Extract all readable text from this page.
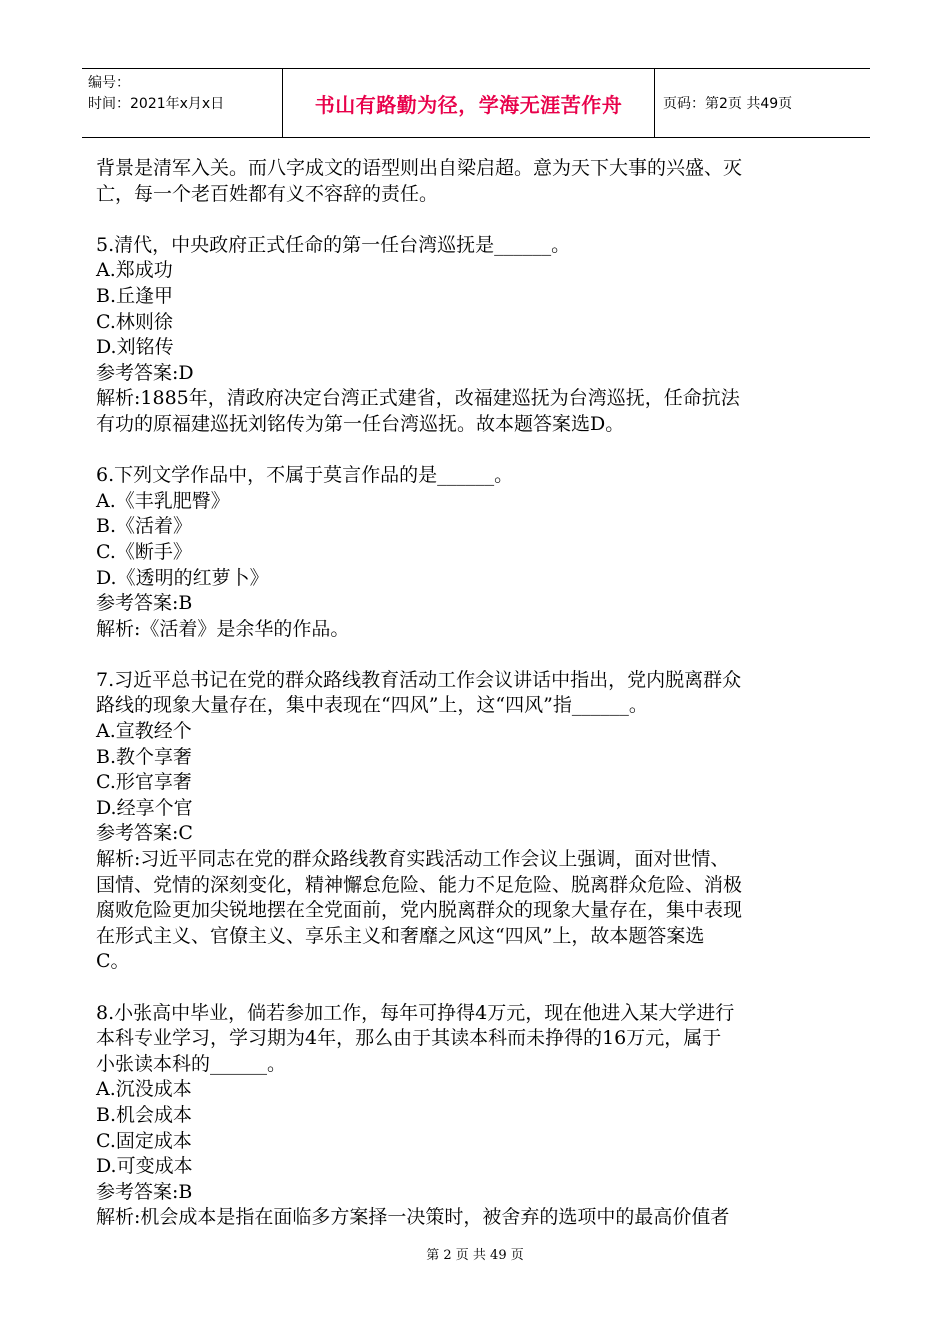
编号：
时间：2021年x月x日	书山有路勤为径，学海无涯苦作舟	页码：第2页 共49页

背景是清军入关。而八字成文的语型则出自梁启超。意为天下大事的兴盛、灭

亡，每一个老百姓都有义不容辞的责任。

5.清代，中央政府正式任命的第一任台湾巡抚是______。

A.郑成功

B.丘逢甲

C.林则徐

D.刘铭传

参考答案:D

解析:1885年，清政府决定台湾正式建省，改福建巡抚为台湾巡抚，任命抗法

有功的原福建巡抚刘铭传为第一任台湾巡抚。故本题答案选D。

6.下列文学作品中，不属于莫言作品的是______。

A.《丰乳肥臀》

B.《活着》

C.《断手》

D.《透明的红萝卜》

参考答案:B

解析:《活着》是余华的作品。

7.习近平总书记在党的群众路线教育活动工作会议讲话中指出，党内脱离群众

路线的现象大量存在，集中表现在“四风”上，这“四风”指______。

A.宣教经个

B.教个享奢

C.形官享奢

D.经享个官

参考答案:C

解析:习近平同志在党的群众路线教育实践活动工作会议上强调，面对世情、

国情、党情的深刻变化，精神懈怠危险、能力不足危险、脱离群众危险、消极

腐败危险更加尖锐地摆在全党面前，党内脱离群众的现象大量存在，集中表现

在形式主义、官僚主义、享乐主义和奢靡之风这“四风”上，故本题答案选

C。

8.小张高中毕业，倘若参加工作，每年可挣得4万元，现在他进入某大学进行

本科专业学习，学习期为4年，那么由于其读本科而未挣得的16万元，属于

小张读本科的______。

A.沉没成本

B.机会成本

C.固定成本

D.可变成本

参考答案:B

解析:机会成本是指在面临多方案择一决策时，被舍弃的选项中的最高价值者

第 2 页 共 49 页
